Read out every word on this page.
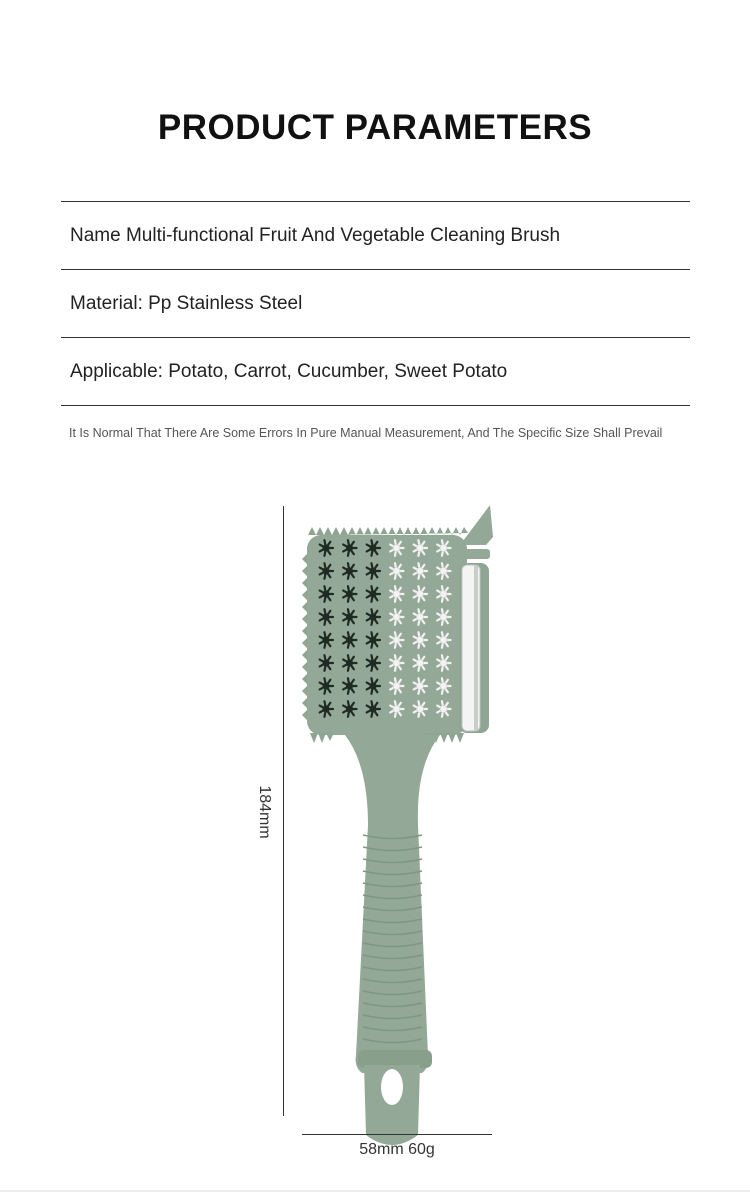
PRODUCT PARAMETERS
Name Multi-functional Fruit And Vegetable Cleaning Brush
Material: Pp Stainless Steel
Applicable: Potato, Carrot, Cucumber, Sweet Potato
It Is Normal That There Are Some Errors In Pure Manual Measurement, And The Specific Size Shall Prevail
184mm
58mm 60g
